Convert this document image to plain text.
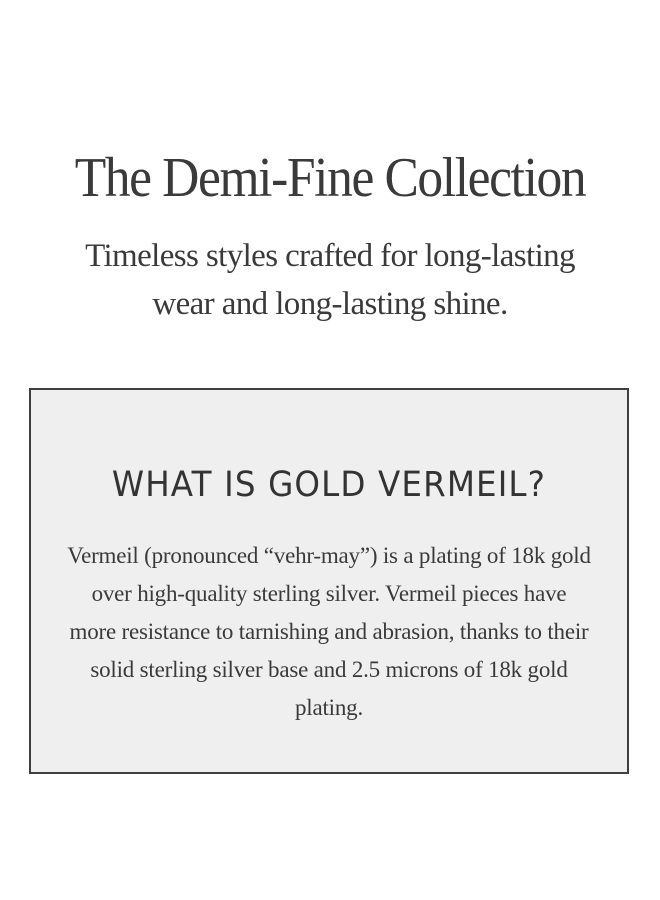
The Demi-Fine Collection

Timeless styles crafted for long-lasting wear and long-lasting shine.

WHAT IS GOLD VERMEIL?

Vermeil (pronounced “vehr-may”) is a plating of 18k gold over high-quality sterling silver. Vermeil pieces have more resistance to tarnishing and abrasion, thanks to their solid sterling silver base and 2.5 microns of 18k gold plating.
